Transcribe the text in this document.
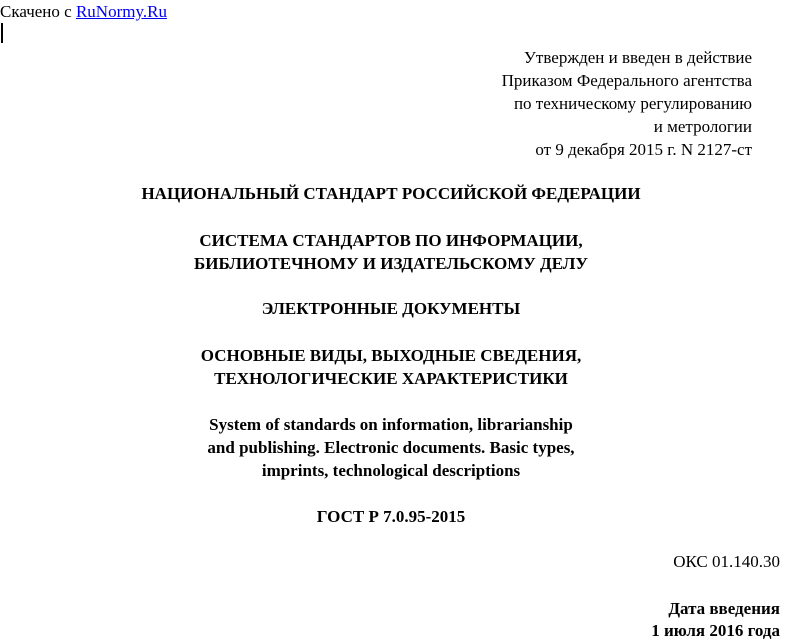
Скачено с RuNormy.Ru
Утвержден и введен в действие
Приказом Федерального агентства
по техническому регулированию
и метрологии
от 9 декабря 2015 г. N 2127-ст
НАЦИОНАЛЬНЫЙ СТАНДАРТ РОССИЙСКОЙ ФЕДЕРАЦИИ
СИСТЕМА СТАНДАРТОВ ПО ИНФОРМАЦИИ,
БИБЛИОТЕЧНОМУ И ИЗДАТЕЛЬСКОМУ ДЕЛУ
ЭЛЕКТРОННЫЕ ДОКУМЕНТЫ
ОСНОВНЫЕ ВИДЫ, ВЫХОДНЫЕ СВЕДЕНИЯ,
ТЕХНОЛОГИЧЕСКИЕ ХАРАКТЕРИСТИКИ
System of standards on information, librarianship
and publishing. Electronic documents. Basic types,
imprints, technological descriptions
ГОСТ Р 7.0.95-2015
ОКС 01.140.30
Дата введения
1 июля 2016 года
